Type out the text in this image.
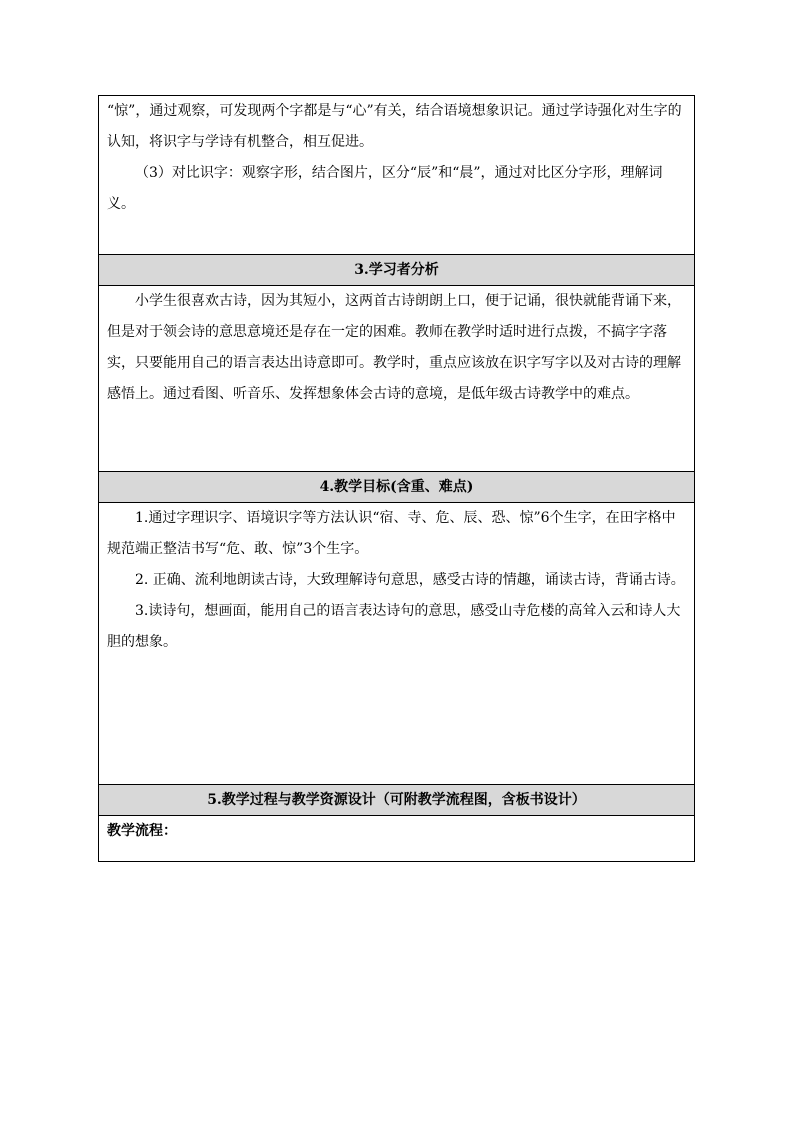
“惊”，通过观察，可发现两个字都是与“心”有关，结合语境想象识记。通过学诗强化对生字的认知，将识字与学诗有机整合，相互促进。

（3）对比识字：观察字形，结合图片，区分“辰”和“晨”，通过对比区分字形，理解词义。

3.学习者分析

小学生很喜欢古诗，因为其短小，这两首古诗朗朗上口，便于记诵，很快就能背诵下来，但是对于领会诗的意思意境还是存在一定的困难。教师在教学时适时进行点拨，不搞字字落实，只要能用自己的语言表达出诗意即可。教学时，重点应该放在识字写字以及对古诗的理解感悟上。通过看图、听音乐、发挥想象体会古诗的意境，是低年级古诗教学中的难点。

4.教学目标(含重、难点)

1.通过字理识字、语境识字等方法认识“宿、寺、危、辰、恐、惊”6个生字，在田字格中规范端正整洁书写“危、敢、惊”3个生字。

2. 正确、流利地朗读古诗，大致理解诗句意思，感受古诗的情趣，诵读古诗，背诵古诗。

3.读诗句，想画面，能用自己的语言表达诗句的意思，感受山寺危楼的高耸入云和诗人大胆的想象。

5.教学过程与教学资源设计（可附教学流程图，含板书设计）
教学流程：
